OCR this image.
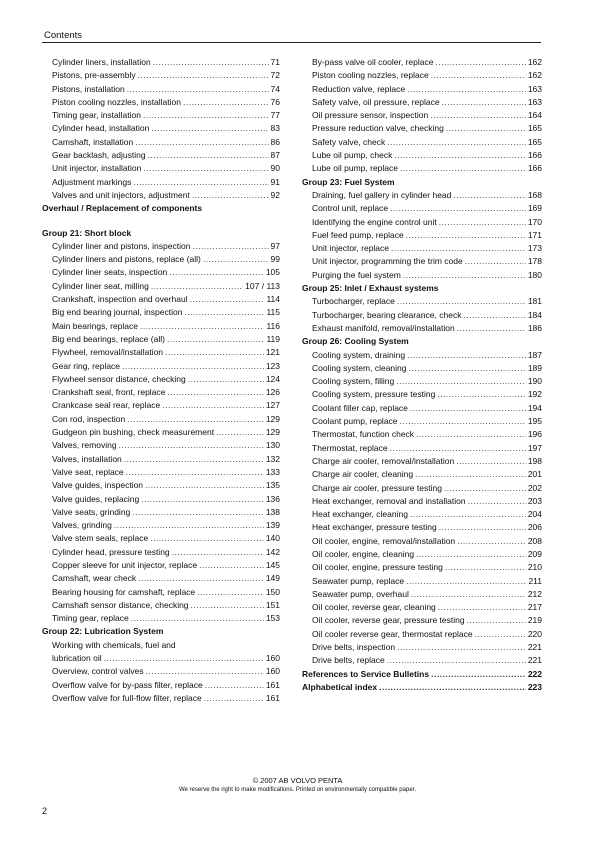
Contents
Cylinder liners, installation .....	71
Pistons, pre-assembly .....	72
Pistons, installation .....	74
Piston cooling nozzles, installation .....	76
Timing gear, installation .....	77
Cylinder head, installation .....	83
Camshaft, installation .....	86
Gear backlash, adjusting .....	87
Unit injector, installation .....	90
Adjustment markings .....	91
Valves and unit injectors, adjustment .....	92
Overhaul / Replacement of components
Group 21: Short block
Cylinder liner and pistons, inspection .....	97
Cylinder liners and pistons, replace (all) .....	99
Cylinder liner seats, inspection .....	105
Cylinder liner seat, milling .....	107 / 113
Crankshaft, inspection and overhaul .....	114
Big end bearing journal, inspection .....	115
Main bearings, replace .....	116
Big end bearings, replace (all) .....	119
Flywheel, removal/installation .....	121
Gear ring, replace .....	123
Flywheel sensor distance, checking .....	124
Crankshaft seal, front, replace .....	126
Crankcase seal rear, replace .....	127
Con rod, inspection .....	129
Gudgeon pin bushing, check measurement .....	129
Valves, removing .....	130
Valves, installation .....	132
Valve seat, replace .....	133
Valve guides, inspection .....	135
Valve guides, replacing .....	136
Valve seats, grinding .....	138
Valves, grinding .....	139
Valve stem seals, replace .....	140
Cylinder head, pressure testing .....	142
Copper sleeve for unit injector, replace .....	145
Camshaft, wear check .....	149
Bearing housing for camshaft, replace .....	150
Camshaft sensor distance, checking .....	151
Timing gear, replace .....	153
Group 22: Lubrication System
Working with chemicals, fuel and
lubrication oil .....	160
Overview, control valves .....	160
Overflow valve for by-pass filter, replace .....	161
Overflow valve for full-flow filter, replace .....	161
By-pass valve oil cooler, replace .....	162
Piston cooling nozzles, replace .....	162
Reduction valve, replace .....	163
Safety valve, oil pressure, replace .....	163
Oil pressure sensor, inspection .....	164
Pressure reduction valve, checking .....	165
Safety valve, check .....	165
Lube oil pump, check .....	166
Lube oil pump, replace .....	166
Group 23: Fuel System
Draining, fuel gallery in cylinder head .....	168
Control unit, replace .....	169
Identifying the engine control unit .....	170
Fuel feed pump, replace .....	171
Unit injector, replace .....	173
Unit injector, programming the trim code .....	178
Purging the fuel system .....	180
Group 25: Inlet / Exhaust systems
Turbocharger, replace .....	181
Turbocharger, bearing clearance, check .....	184
Exhaust manifold, removal/installation .....	186
Group 26: Cooling System
Cooling system, draining .....	187
Cooling system, cleaning .....	189
Cooling system, filling .....	190
Cooling system, pressure testing .....	192
Coolant filler cap, replace .....	194
Coolant pump, replace .....	195
Thermostat, function check .....	196
Thermostat, replace .....	197
Charge air cooler, removal/installation .....	198
Charge air cooler, cleaning .....	201
Charge air cooler, pressure testing .....	202
Heat exchanger, removal and installation .....	203
Heat exchanger, cleaning .....	204
Heat exchanger, pressure testing .....	206
Oil cooler, engine, removal/installation .....	208
Oil cooler, engine, cleaning .....	209
Oil cooler, engine, pressure testing .....	210
Seawater pump, replace .....	211
Seawater pump, overhaul .....	212
Oil cooler, reverse gear, cleaning .....	217
Oil cooler, reverse gear, pressure testing .....	219
Oil cooler reverse gear, thermostat replace .....	220
Drive belts, inspection .....	221
Drive belts, replace .....	221
References to Service Bulletins .....	222
Alphabetical index .....	223
© 2007 AB VOLVO PENTA
We reserve the right to make modifications. Printed on environmentally compatible paper.
2
